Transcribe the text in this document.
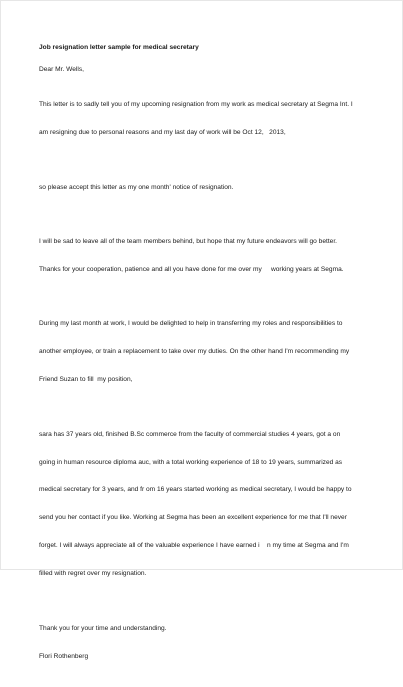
Job resignation letter sample for medical secretary
Dear Mr. Wells,

This letter is to sadly tell you of my upcoming resignation from my work as medical secretary at Segma Int. I

am resigning due to personal reasons and my last day of work will be Oct 12,   2013,

so please accept this letter as my one month' notice of resignation.

I will be sad to leave all of the team members behind, but hope that my future endeavors will go better.

Thanks for your cooperation, patience and all you have done for me over my     working years at Segma.

During my last month at work, I would be delighted to help in transferring my roles and responsibilities to

another employee, or train a replacement to take over my duties. On the other hand I'm recommending my

Friend Suzan to fill  my position,

sara has 37 years old, finished B.Sc commerce from the faculty of commercial studies 4 years, got a on

going in human resource diploma auc, with a total working experience of 18 to 19 years, summarized as

medical secretary for 3 years, and fr om 16 years started working as medical secretary, I would be happy to

send you her contact if you like. Working at Segma has been an excellent experience for me that I'll never

forget. I will always appreciate all of the valuable experience I have earned i    n my time at Segma and I'm

filled with regret over my resignation.

Thank you for your time and understanding.

Flori Rothenberg
